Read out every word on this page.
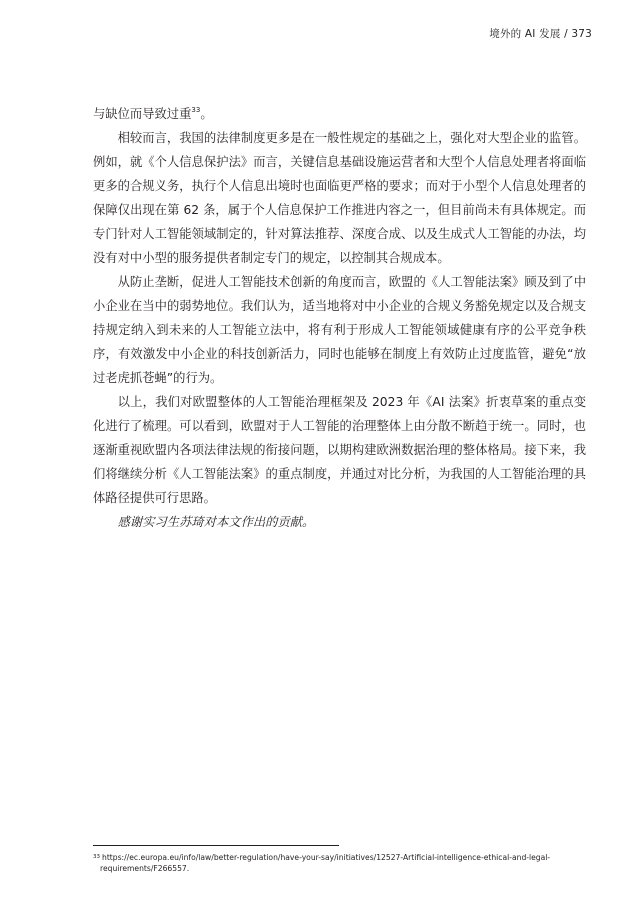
境外的 AI 发展 / 373

与缺位而导致过重$^{33}$。

相较而言，我国的法律制度更多是在一般性规定的基础之上，强化对大型企业的监管。例如，就《个人信息保护法》而言，关键信息基础设施运营者和大型个人信息处理者将面临更多的合规义务，执行个人信息出境时也面临更严格的要求；而对于小型个人信息处理者的保障仅出现在第 62 条，属于个人信息保护工作推进内容之一，但目前尚未有具体规定。而专门针对人工智能领域制定的，针对算法推荐、深度合成、以及生成式人工智能的办法，均没有对中小型的服务提供者制定专门的规定，以控制其合规成本。

从防止垄断，促进人工智能技术创新的角度而言，欧盟的《人工智能法案》顾及到了中小企业在当中的弱势地位。我们认为，适当地将对中小企业的合规义务豁免规定以及合规支持规定纳入到未来的人工智能立法中，将有利于形成人工智能领域健康有序的公平竞争秩序，有效激发中小企业的科技创新活力，同时也能够在制度上有效防止过度监管，避免“放过老虎抓苍蝇”的行为。

以上，我们对欧盟整体的人工智能治理框架及 2023 年《AI 法案》折衷草案的重点变化进行了梳理。可以看到，欧盟对于人工智能的治理整体上由分散不断趋于统一。同时，也逐渐重视欧盟内各项法律法规的衔接问题，以期构建欧洲数据治理的整体格局。接下来，我们将继续分析《人工智能法案》的重点制度，并通过对比分析，为我国的人工智能治理的具体路径提供可行思路。

感谢实习生苏琦对本文作出的贡献。

$^{33}$ https://ec.europa.eu/info/law/better-regulation/have-your-say/initiatives/12527-Artificial-intelligence-ethical-and-legal-
requirements/F266557.
